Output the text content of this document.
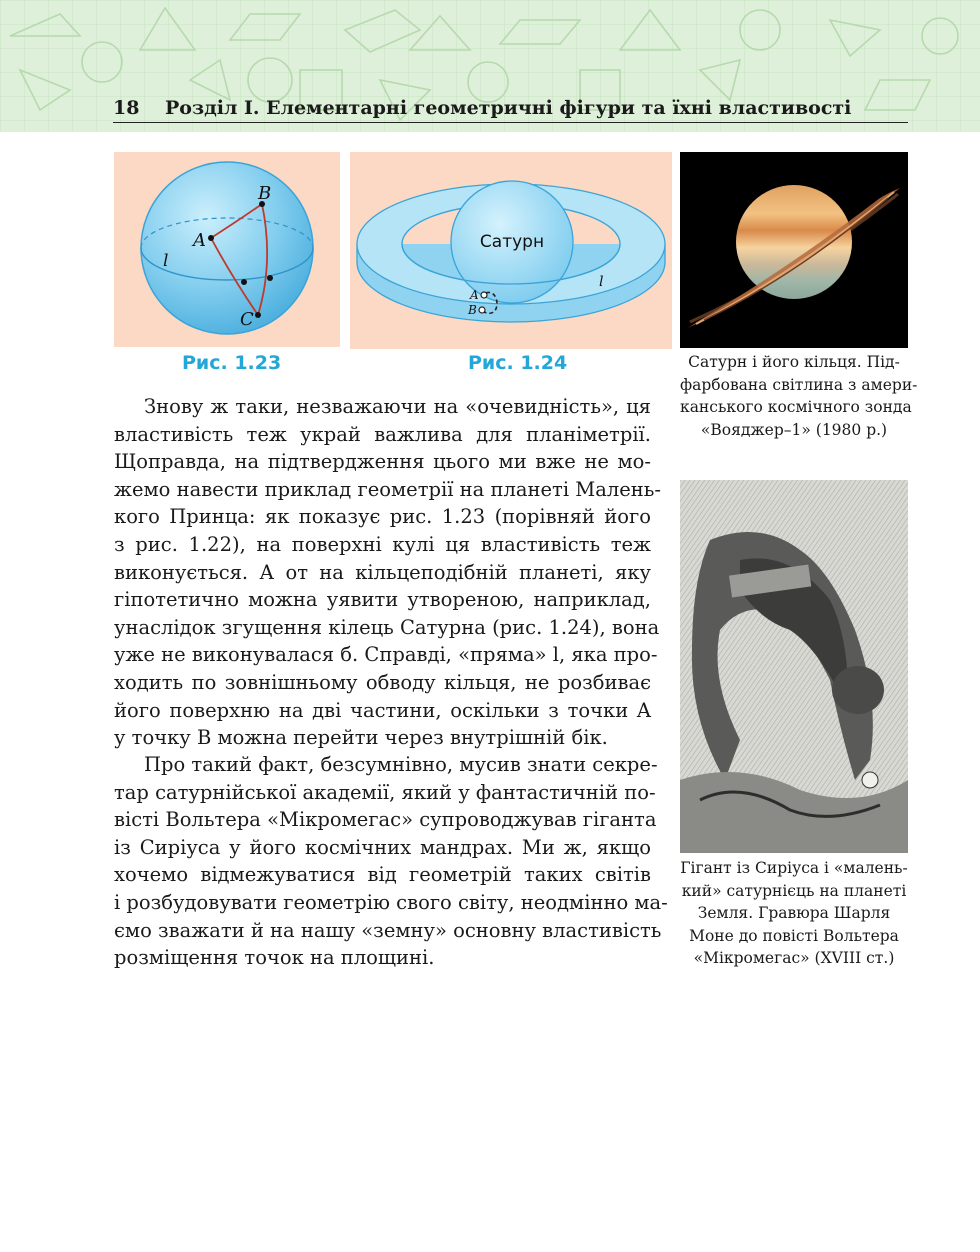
18 Розділ І. Елементарні геометричні фігури та їхні властивості
A
B
C
l
Рис. 1.23
Сатурн
A
B
l
Рис. 1.24	Сатурн і його кільця. Під-
фарбована світлина з амери-
канського космічного зонда
«Вояджер–1» (1980 р.)
Гігант із Сиріуса і «малень-
кий» сатурнієць на планеті
Земля. Гравюра Шарля
Моне до повісті Вольтера
«Мікромегас» (XVIII ст.)
Знову ж таки, незважаючи на «очевидність», ця
властивість теж украй важлива для планіметрії.
Щоправда, на підтвердження цього ми вже не мо-
жемо навести приклад геометрії на планеті Малень-
кого Принца: як показує рис. 1.23 (порівняй його
з рис. 1.22), на поверхні кулі ця властивість теж
виконується. А от на кільцеподібній планеті, яку
гіпотетично можна уявити утвореною, наприклад,
унаслідок згущення кілець Сатурна (рис. 1.24), вона
уже не виконувалася б. Справді, «пряма» l, яка про-
ходить по зовнішньому обводу кільця, не розбиває
його поверхню на дві частини, оскільки з точки A
у точку B можна перейти через внутрішній бік.
Про такий факт, безсумнівно, мусив знати секре-
тар сатурнійської академії, який у фантастичній по-
вісті Вольтера «Мікромегас» супроводжував гіганта
із Сиріуса у його космічних мандрах. Ми ж, якщо
хочемо відмежуватися від геометрій таких світів
і розбудовувати геометрію свого світу, неодмінно ма-
ємо зважати й на нашу «земну» основну властивість
розміщення точок на площині.
